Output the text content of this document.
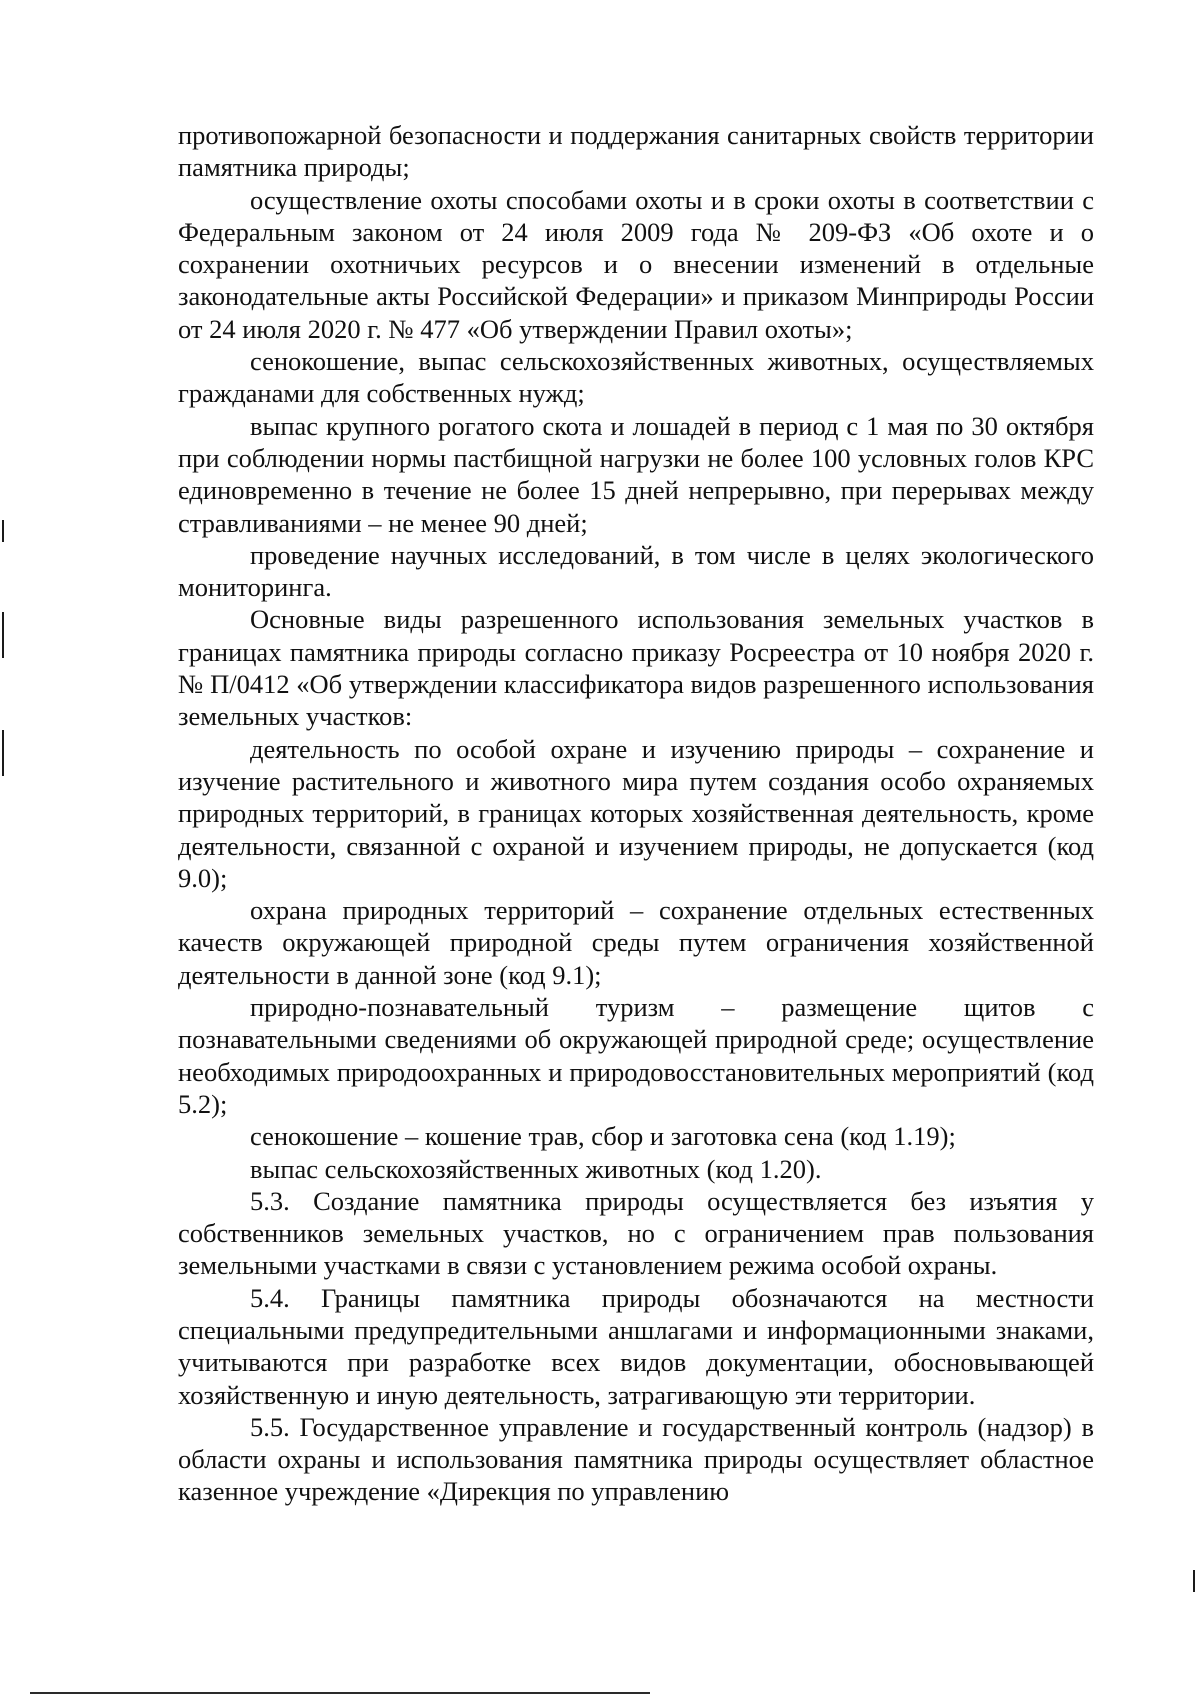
противопожарной безопасности и поддержания санитарных свойств территории памятника природы;

осуществление охоты способами охоты и в сроки охоты в соответствии с Федеральным законом от 24 июля 2009 года № 209-ФЗ «Об охоте и о сохранении охотничьих ресурсов и о внесении изменений в отдельные законодательные акты Российской Федерации» и приказом Минприроды России от 24 июля 2020 г. № 477 «Об утверждении Правил охоты»;

сенокошение, выпас сельскохозяйственных животных, осуществляемых гражданами для собственных нужд;

выпас крупного рогатого скота и лошадей в период с 1 мая по 30 октября при соблюдении нормы пастбищной нагрузки не более 100 условных голов КРС единовременно в течение не более 15 дней непрерывно, при перерывах между стравливаниями – не менее 90 дней;

проведение научных исследований, в том числе в целях экологического мониторинга.

Основные виды разрешенного использования земельных участков в границах памятника природы согласно приказу Росреестра от 10 ноября 2020 г. № П/0412 «Об утверждении классификатора видов разрешенного использования земельных участков:

деятельность по особой охране и изучению природы – сохранение и изучение растительного и животного мира путем создания особо охраняемых природных территорий, в границах которых хозяйственная деятельность, кроме деятельности, связанной с охраной и изучением природы, не допускается (код 9.0);

охрана природных территорий – сохранение отдельных естественных качеств окружающей природной среды путем ограничения хозяйственной деятельности в данной зоне (код 9.1);

природно-познавательный туризм – размещение щитов с познавательными сведениями об окружающей природной среде; осуществление необходимых природоохранных и природовосстановительных мероприятий (код 5.2);

сенокошение – кошение трав, сбор и заготовка сена (код 1.19);

выпас сельскохозяйственных животных (код 1.20).

5.3. Создание памятника природы осуществляется без изъятия у собственников земельных участков, но с ограничением прав пользования земельными участками в связи с установлением режима особой охраны.

5.4. Границы памятника природы обозначаются на местности специальными предупредительными аншлагами и информационными знаками, учитываются при разработке всех видов документации, обосновывающей хозяйственную и иную деятельность, затрагивающую эти территории.

5.5. Государственное управление и государственный контроль (надзор) в области охраны и использования памятника природы осуществляет областное казенное учреждение «Дирекция по управлению
